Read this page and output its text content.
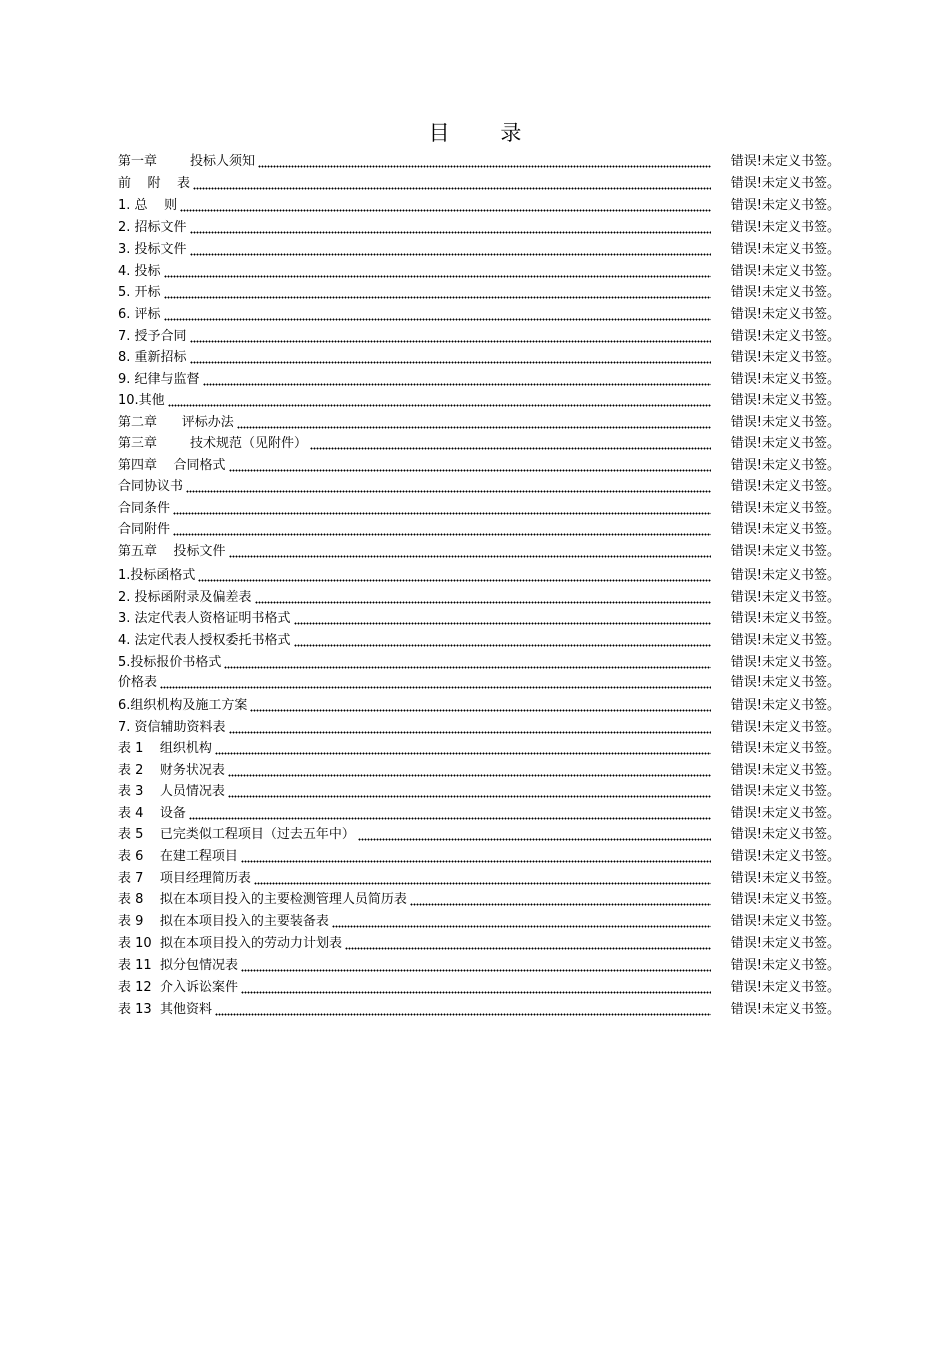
目 录
第一章        投标人须知	错误!未定义书签。
前    附    表	错误!未定义书签。
1. 总    则	错误!未定义书签。
2. 招标文件	错误!未定义书签。
3. 投标文件	错误!未定义书签。
4. 投标	错误!未定义书签。
5. 开标	错误!未定义书签。
6. 评标	错误!未定义书签。
7. 授予合同	错误!未定义书签。
8. 重新招标	错误!未定义书签。
9. 纪律与监督	错误!未定义书签。
10.其他	错误!未定义书签。
第二章      评标办法	错误!未定义书签。
第三章        技术规范（见附件）	错误!未定义书签。
第四章    合同格式	错误!未定义书签。
合同协议书	错误!未定义书签。
合同条件	错误!未定义书签。
合同附件	错误!未定义书签。
第五章    投标文件	错误!未定义书签。
1.投标函格式	错误!未定义书签。
2. 投标函附录及偏差表	错误!未定义书签。
3. 法定代表人资格证明书格式	错误!未定义书签。
4. 法定代表人授权委托书格式	错误!未定义书签。
5.投标报价书格式	错误!未定义书签。
价格表	错误!未定义书签。
6.组织机构及施工方案	错误!未定义书签。
7. 资信辅助资料表	错误!未定义书签。
表 1    组织机构	错误!未定义书签。
表 2    财务状况表	错误!未定义书签。
表 3    人员情况表	错误!未定义书签。
表 4    设备	错误!未定义书签。
表 5    已完类似工程项目（过去五年中）	错误!未定义书签。
表 6    在建工程项目	错误!未定义书签。
表 7    项目经理简历表	错误!未定义书签。
表 8    拟在本项目投入的主要检测管理人员简历表	错误!未定义书签。
表 9    拟在本项目投入的主要装备表	错误!未定义书签。
表 10  拟在本项目投入的劳动力计划表	错误!未定义书签。
表 11  拟分包情况表	错误!未定义书签。
表 12  介入诉讼案件	错误!未定义书签。
表 13  其他资料	错误!未定义书签。
